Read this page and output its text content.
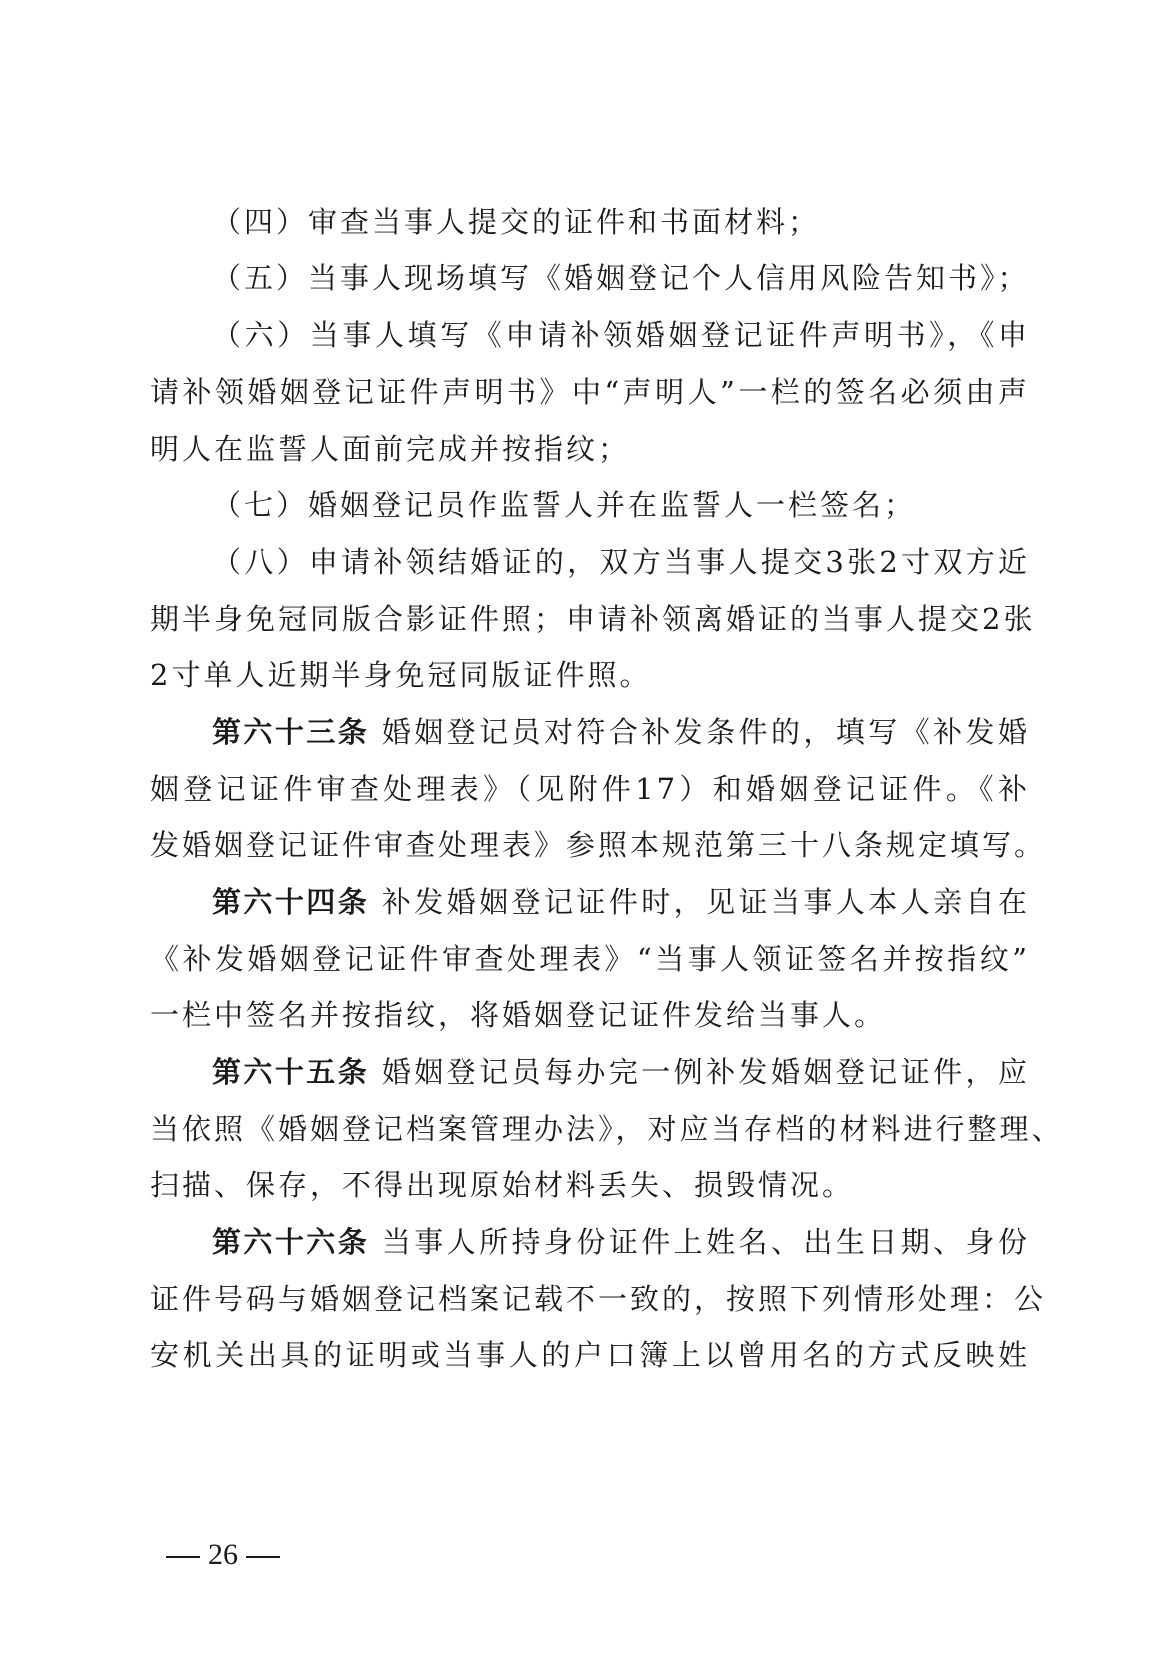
（四）审查当事人提交的证件和书面材料；
（五）当事人现场填写《婚姻登记个人信用风险告知书》；
（六）当事人填写《申请补领婚姻登记证件声明书》，《申
请补领婚姻登记证件声明书》中“声明人”一栏的签名必须由声
明人在监誓人面前完成并按指纹；
（七）婚姻登记员作监誓人并在监誓人一栏签名；
（八）申请补领结婚证的，双方当事人提交3张2寸双方近
期半身免冠同版合影证件照；申请补领离婚证的当事人提交2张
2寸单人近期半身免冠同版证件照。
第六十三条 婚姻登记员对符合补发条件的，填写《补发婚
姻登记证件审查处理表》（见附件17）和婚姻登记证件。《补
发婚姻登记证件审查处理表》参照本规范第三十八条规定填写。
第六十四条 补发婚姻登记证件时，见证当事人本人亲自在
《补发婚姻登记证件审查处理表》“当事人领证签名并按指纹”
一栏中签名并按指纹，将婚姻登记证件发给当事人。
第六十五条 婚姻登记员每办完一例补发婚姻登记证件，应
当依照《婚姻登记档案管理办法》，对应当存档的材料进行整理、
扫描、保存，不得出现原始材料丢失、损毁情况。
第六十六条 当事人所持身份证件上姓名、出生日期、身份
证件号码与婚姻登记档案记载不一致的，按照下列情形处理：公
安机关出具的证明或当事人的户口簿上以曾用名的方式反映姓
26
